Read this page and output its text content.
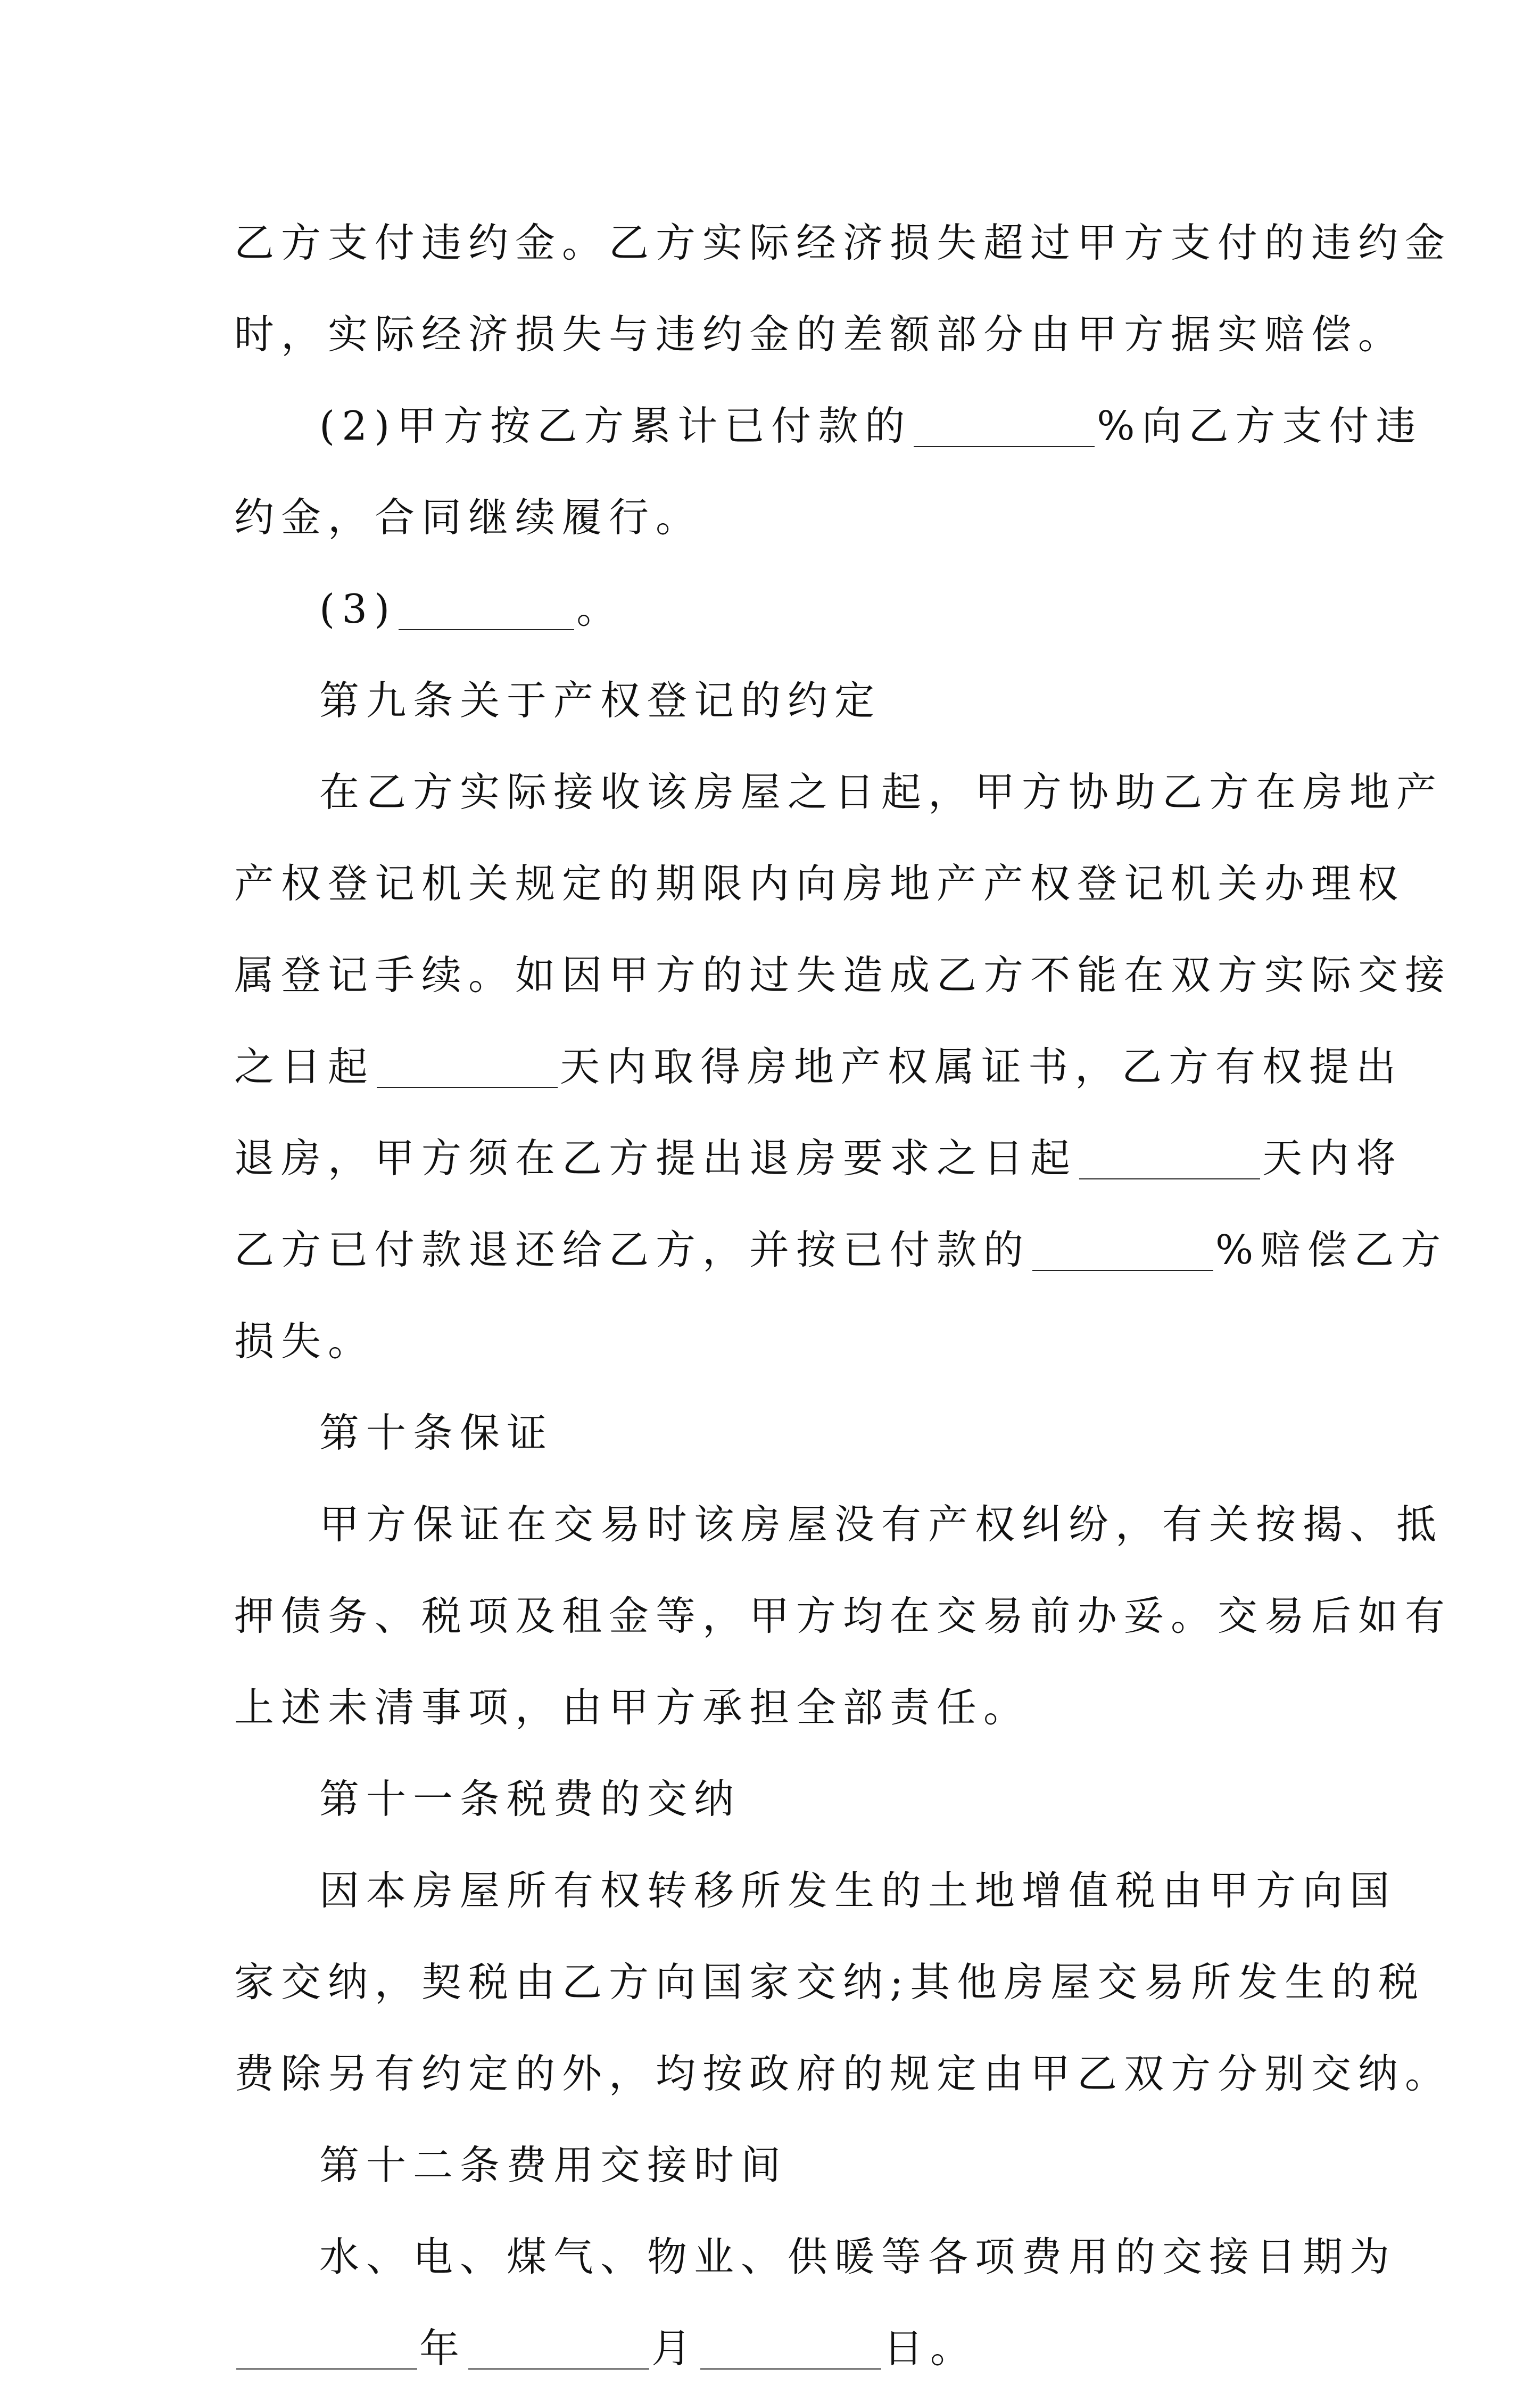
乙方支付违约金。乙方实际经济损失超过甲方支付的违约金
时，实际经济损失与违约金的差额部分由甲方据实赔偿。
(2)甲方按乙方累计已付款的	%向乙方支付违
约金，合同继续履行。
(3)	。
第九条关于产权登记的约定
在乙方实际接收该房屋之日起，甲方协助乙方在房地产
产权登记机关规定的期限内向房地产产权登记机关办理权
属登记手续。如因甲方的过失造成乙方不能在双方实际交接
之日起	天内取得房地产权属证书，乙方有权提出
退房，甲方须在乙方提出退房要求之日起	天内将
乙方已付款退还给乙方，并按已付款的	%赔偿乙方
损失。
第十条保证
甲方保证在交易时该房屋没有产权纠纷，有关按揭、抵
押债务、税项及租金等，甲方均在交易前办妥。交易后如有
上述未清事项，由甲方承担全部责任。
第十一条税费的交纳
因本房屋所有权转移所发生的土地增值税由甲方向国
家交纳，契税由乙方向国家交纳;其他房屋交易所发生的税
费除另有约定的外，均按政府的规定由甲乙双方分别交纳。
第十二条费用交接时间
水、电、煤气、物业、供暖等各项费用的交接日期为
年	月	日。
